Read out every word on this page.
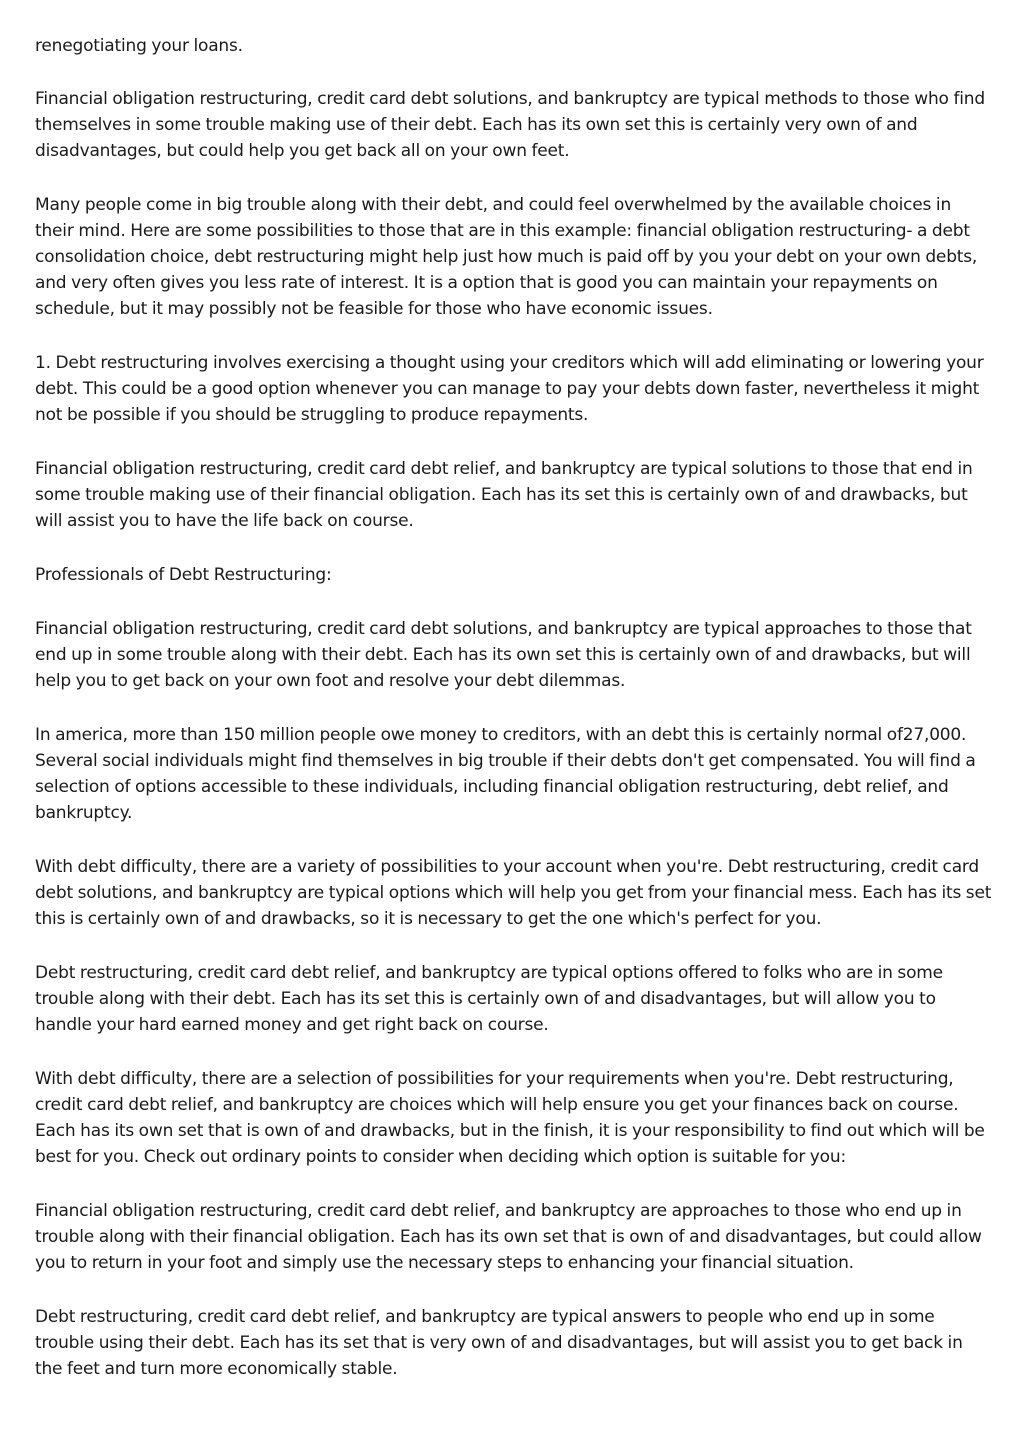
renegotiating your loans.

Financial obligation restructuring, credit card debt solutions, and bankruptcy are typical methods to those who find themselves in some trouble making use of their debt. Each has its own set this is certainly very own of and disadvantages, but could help you get back all on your own feet.

Many people come in big trouble along with their debt, and could feel overwhelmed by the available choices in their mind. Here are some possibilities to those that are in this example: financial obligation restructuring- a debt consolidation choice, debt restructuring might help just how much is paid off by you your debt on your own debts, and very often gives you less rate of interest. It is a option that is good you can maintain your repayments on schedule, but it may possibly not be feasible for those who have economic issues.

1. Debt restructuring involves exercising a thought using your creditors which will add eliminating or lowering your debt. This could be a good option whenever you can manage to pay your debts down faster, nevertheless it might not be possible if you should be struggling to produce repayments.

Financial obligation restructuring, credit card debt relief, and bankruptcy are typical solutions to those that end in some trouble making use of their financial obligation. Each has its set this is certainly own of and drawbacks, but will assist you to have the life back on course.

Professionals of Debt Restructuring:

Financial obligation restructuring, credit card debt solutions, and bankruptcy are typical approaches to those that end up in some trouble along with their debt. Each has its own set this is certainly own of and drawbacks, but will help you to get back on your own foot and resolve your debt dilemmas.

In america, more than 150 million people owe money to creditors, with an debt this is certainly normal of27,000. Several social individuals might find themselves in big trouble if their debts don't get compensated. You will find a selection of options accessible to these individuals, including financial obligation restructuring, debt relief, and bankruptcy.

With debt difficulty, there are a variety of possibilities to your account when you're. Debt restructuring, credit card debt solutions, and bankruptcy are typical options which will help you get from your financial mess. Each has its set this is certainly own of and drawbacks, so it is necessary to get the one which's perfect for you.

Debt restructuring, credit card debt relief, and bankruptcy are typical options offered to folks who are in some trouble along with their debt. Each has its set this is certainly own of and disadvantages, but will allow you to handle your hard earned money and get right back on course.

With debt difficulty, there are a selection of possibilities for your requirements when you're. Debt restructuring, credit card debt relief, and bankruptcy are choices which will help ensure you get your finances back on course. Each has its own set that is own of and drawbacks, but in the finish, it is your responsibility to find out which will be best for you. Check out ordinary points to consider when deciding which option is suitable for you:

Financial obligation restructuring, credit card debt relief, and bankruptcy are approaches to those who end up in trouble along with their financial obligation. Each has its own set that is own of and disadvantages, but could allow you to return in your foot and simply use the necessary steps to enhancing your financial situation.

Debt restructuring, credit card debt relief, and bankruptcy are typical answers to people who end up in some trouble using their debt. Each has its set that is very own of and disadvantages, but will assist you to get back in the feet and turn more economically stable.
